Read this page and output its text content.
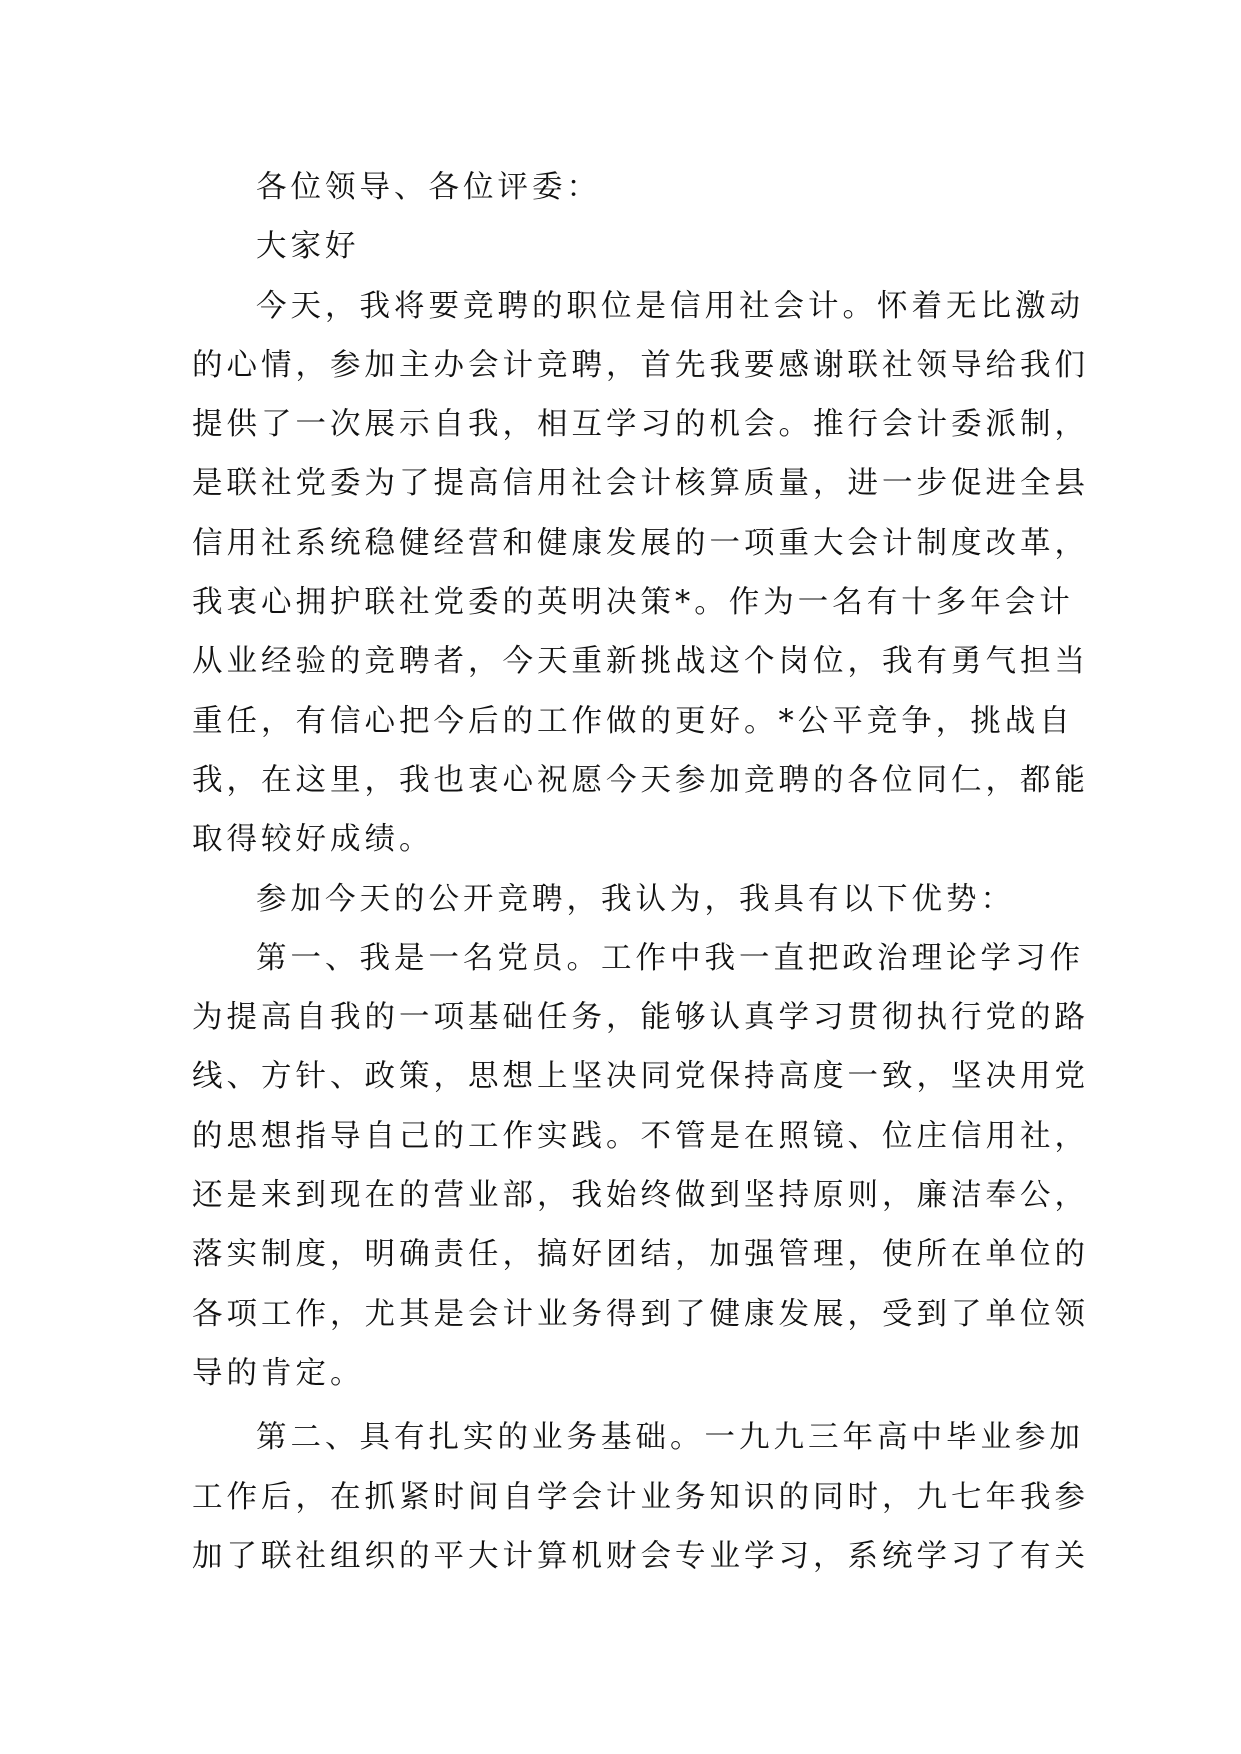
各位领导、各位评委：
大家好
今天，我将要竞聘的职位是信用社会计。怀着无比激动
的心情，参加主办会计竞聘，首先我要感谢联社领导给我们
提供了一次展示自我，相互学习的机会。推行会计委派制，
是联社党委为了提高信用社会计核算质量，进一步促进全县
信用社系统稳健经营和健康发展的一项重大会计制度改革，
我衷心拥护联社党委的英明决策*。作为一名有十多年会计
从业经验的竞聘者，今天重新挑战这个岗位，我有勇气担当
重任，有信心把今后的工作做的更好。*公平竞争，挑战自
我，在这里，我也衷心祝愿今天参加竞聘的各位同仁，都能
取得较好成绩。
参加今天的公开竞聘，我认为，我具有以下优势：
第一、我是一名党员。工作中我一直把政治理论学习作
为提高自我的一项基础任务，能够认真学习贯彻执行党的路
线、方针、政策，思想上坚决同党保持高度一致，坚决用党
的思想指导自己的工作实践。不管是在照镜、位庄信用社，
还是来到现在的营业部，我始终做到坚持原则，廉洁奉公，
落实制度，明确责任，搞好团结，加强管理，使所在单位的
各项工作，尤其是会计业务得到了健康发展，受到了单位领
导的肯定。
第二、具有扎实的业务基础。一九九三年高中毕业参加
工作后，在抓紧时间自学会计业务知识的同时，九七年我参
加了联社组织的平大计算机财会专业学习，系统学习了有关
